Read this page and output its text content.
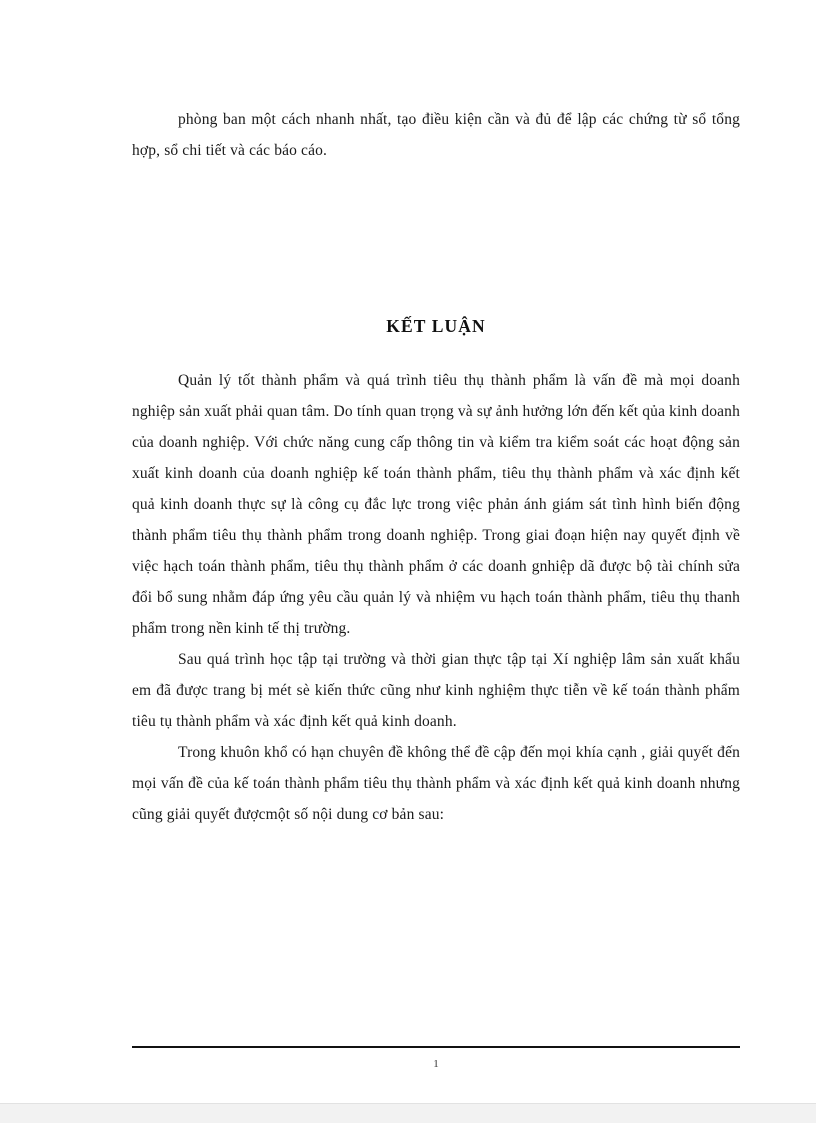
phòng ban một cách nhanh nhất, tạo điều kiện cần và đủ để lập các chứng từ sổ tổng hợp, sổ chi tiết và các báo cáo.

KẾT LUẬN

Quản lý tốt thành phẩm và quá trình tiêu thụ thành phẩm là vấn đề mà mọi doanh nghiệp sản xuất phải quan tâm. Do tính quan trọng và sự ảnh hưởng lớn đến kết qủa kinh doanh của doanh nghiệp. Với chức năng cung cấp thông tin và kiểm tra kiểm soát các hoạt động sản xuất kinh doanh của doanh nghiệp kế toán thành phẩm, tiêu thụ thành phẩm và xác định kết quả kinh doanh thực sự là công cụ đắc lực trong việc phản ánh giám sát tình hình biến động thành phẩm tiêu thụ thành phẩm trong doanh nghiệp. Trong giai đoạn hiện nay quyết định về việc hạch toán thành phẩm, tiêu thụ thành phẩm ở các doanh gnhiệp dã được bộ tài chính sửa đổi bổ sung nhằm đáp ứng yêu cầu quản lý và nhiệm vu hạch toán thành phẩm, tiêu thụ thanh phẩm trong nền kinh tế thị trường.

Sau quá trình học tập tại trường và thời gian thực tập tại Xí nghiệp lâm sản xuất khẩu em đã được trang bị mét sè kiến thức cũng như kinh nghiệm thực tiễn về kế toán thành phẩm tiêu tụ thành phẩm và xác định kết quả kinh doanh.

Trong khuôn khổ có hạn chuyên đề không thể đề cập đến mọi khía cạnh , giải quyết đến mọi vấn đề của kế toán thành phẩm tiêu thụ thành phẩm và xác định kết quả kinh doanh nhưng cũng giải quyết đượcmột số nội dung cơ bản sau:

1
